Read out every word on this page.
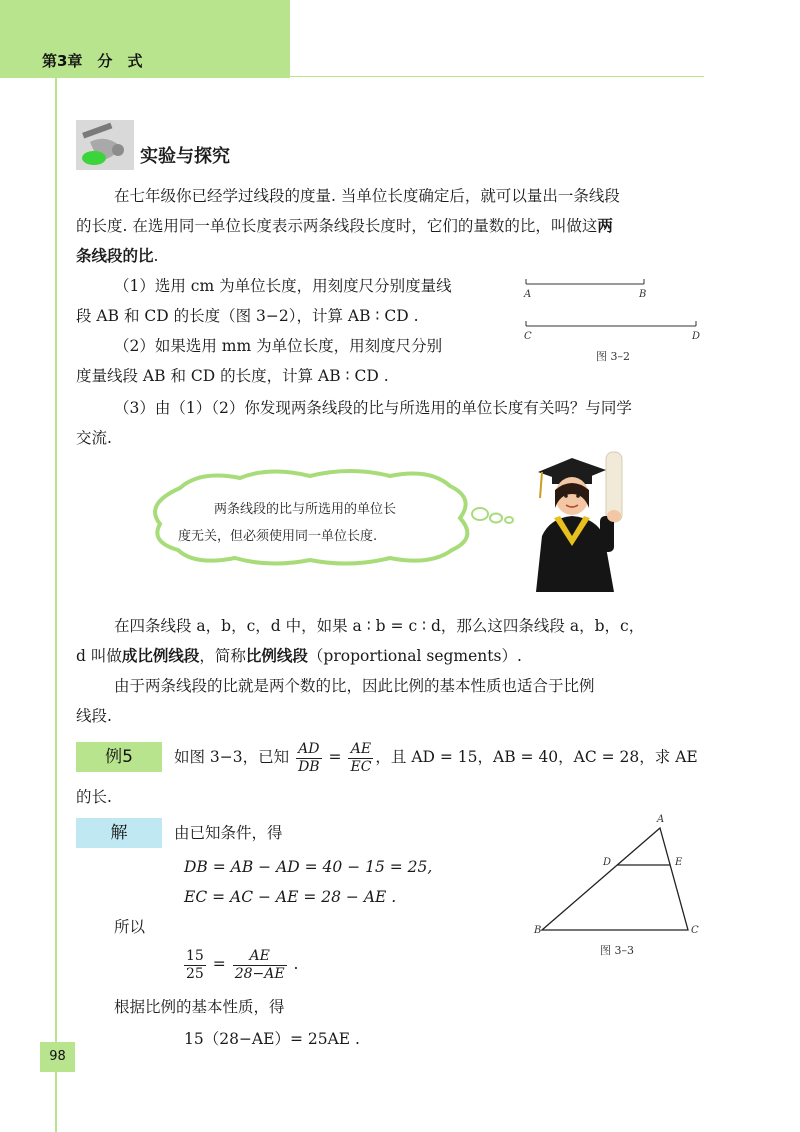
第3章　分　式
实验与探究
在七年级你已经学过线段的度量. 当单位长度确定后，就可以量出一条线段
的长度. 在选用同一单位长度表示两条线段长度时，它们的量数的比，叫做这两
条线段的比.
（1）选用 cm 为单位长度，用刻度尺分别度量线
段 AB 和 CD 的长度（图 3−2），计算 AB ∶ CD .
（2）如果选用 mm 为单位长度，用刻度尺分别
度量线段 AB 和 CD 的长度，计算 AB ∶ CD .
（3）由（1）（2）你发现两条线段的比与所选用的单位长度有关吗？与同学
交流.
A	B
C	D
图 3–2
两条线段的比与所选用的单位长
度无关，但必须使用同一单位长度.
在四条线段 a，b，c，d 中，如果 a ∶ b = c ∶ d，那么这四条线段 a，b，c，
d 叫做成比例线段，简称比例线段（proportional segments）.
由于两条线段的比就是两个数的比，因此比例的基本性质也适合于比例
线段.
例5	如图 3−3，已知 $\frac{AD}{DB} = \frac{AE}{EC}$ ，且 AD = 15，AB = 40，AC = 28，求 AE
的长.
解	由已知条件，得
DB = AB − AD = 40 − 15 = 25,
EC = AC − AE = 28 − AE .
所以
$\frac{15}{25} = \frac{AE}{28-AE}$ .
根据比例的基本性质，得
15（28−AE）= 25AE .
A
D	E
B	C
图 3–3
98
